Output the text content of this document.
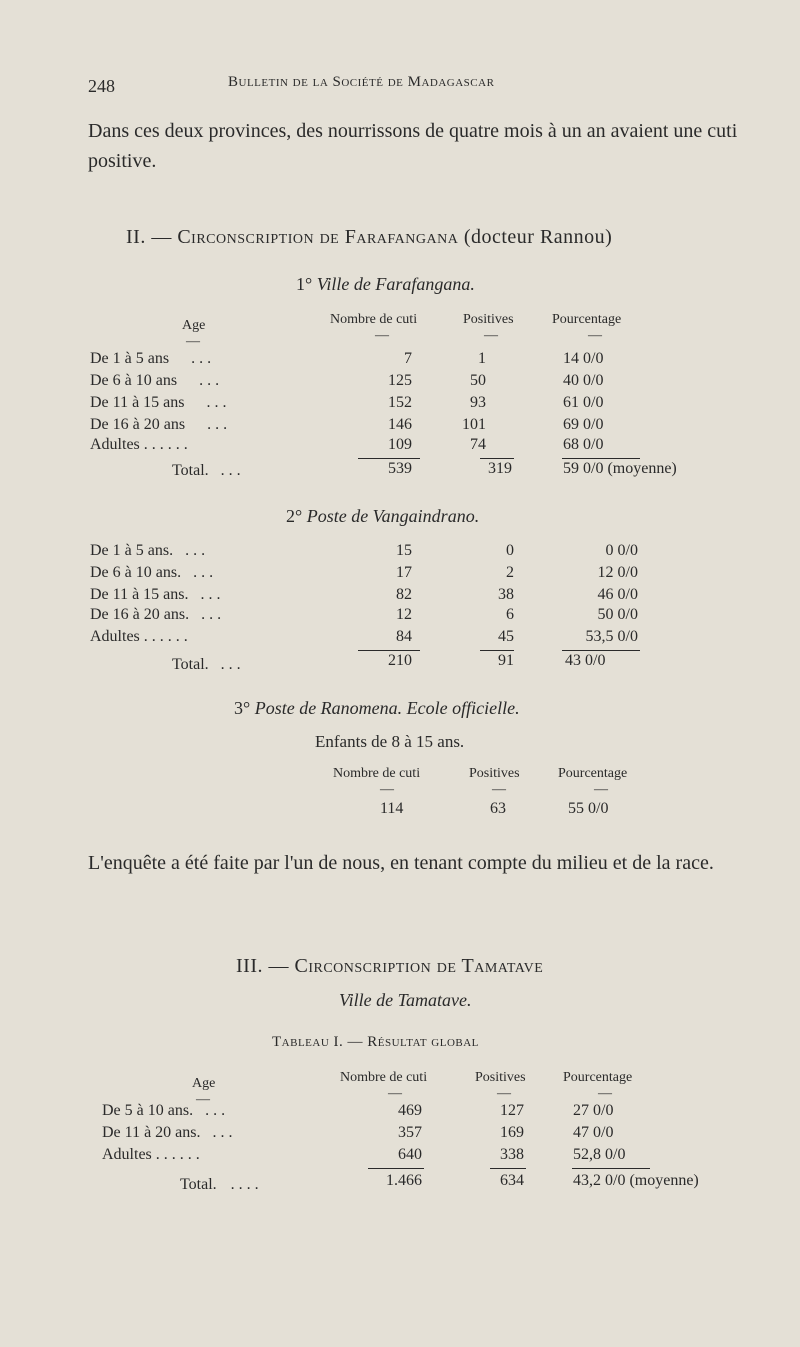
248	Bulletin de la Société de Madagascar
Dans ces deux provinces, des nourrissons de quatre mois à un an avaient une cuti positive.
II. — Circonscription de Farafangana (docteur Rannou)
1° Ville de Farafangana.
Age	Nombre de cuti	Positives	Pourcentage
—	—	—	—
De 1 à 5 ans . . .	7	1	14 0/0
De 6 à 10 ans . . .	125	50	40 0/0
De 11 à 15 ans . . .	152	93	61 0/0
De 16 à 20 ans . . .	146	101	69 0/0
Adultes . . . . . .	109	74	68 0/0
Total. . . .	539	319	59 0/0 (moyenne)
2° Poste de Vangaindrano.
De 1 à 5 ans. . . .	15	0	0 0/0
De 6 à 10 ans. . . .	17	2	12 0/0
De 11 à 15 ans. . . .	82	38	46 0/0
De 16 à 20 ans. . . .	12	6	50 0/0
Adultes . . . . . .	84	45	53,5 0/0
Total. . . .	210	91	43 0/0
3° Poste de Ranomena. Ecole officielle.
Enfants de 8 à 15 ans.
Nombre de cuti	Positives	Pourcentage
—	—	—
114	63	55 0/0
L'enquête a été faite par l'un de nous, en tenant compte du milieu et de la race.
III. — Circonscription de Tamatave
Ville de Tamatave.
Tableau I. — Résultat global
Age	Nombre de cuti	Positives	Pourcentage
—	—	—	—
De 5 à 10 ans. . . .	469	127	27 0/0
De 11 à 20 ans. . . .	357	169	47 0/0
Adultes . . . . . .	640	338	52,8 0/0
Total. . . . .	1.466	634	43,2 0/0 (moyenne)
